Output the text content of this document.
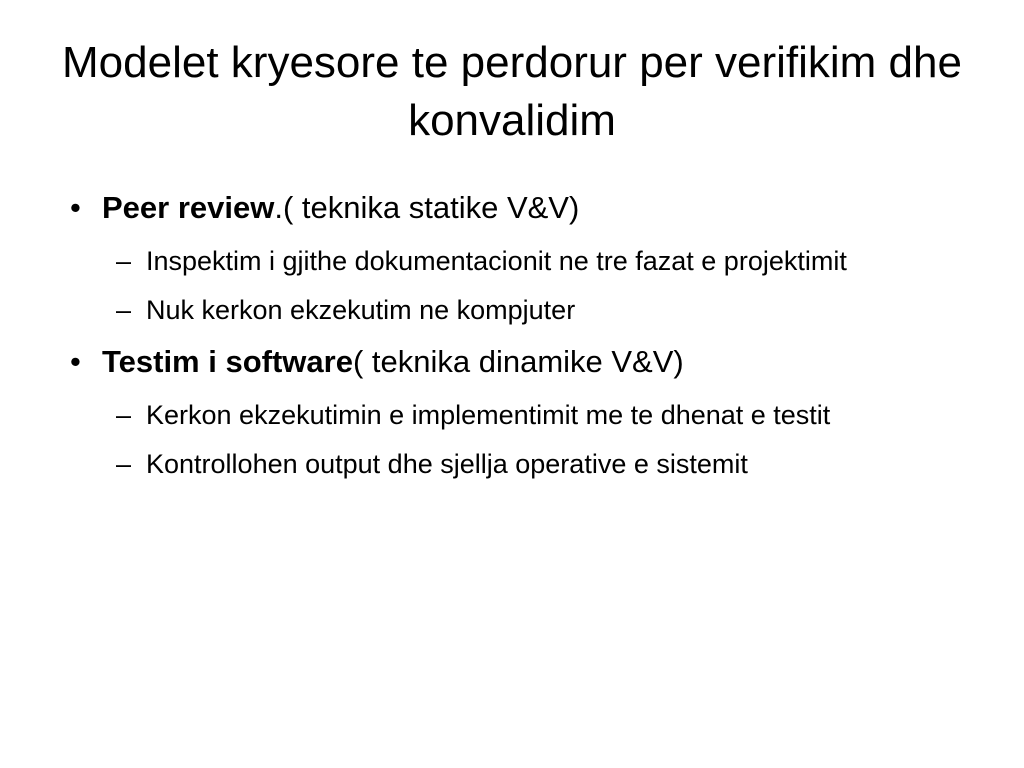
Modelet kryesore te perdorur per verifikim dhe konvalidim
• Peer review.( teknika statike V&V)
– Inspektim i gjithe dokumentacionit ne tre fazat e projektimit
– Nuk kerkon ekzekutim ne kompjuter
• Testim i software( teknika dinamike V&V)
– Kerkon ekzekutimin e implementimit me te dhenat e testit
– Kontrollohen output dhe sjellja operative e sistemit
